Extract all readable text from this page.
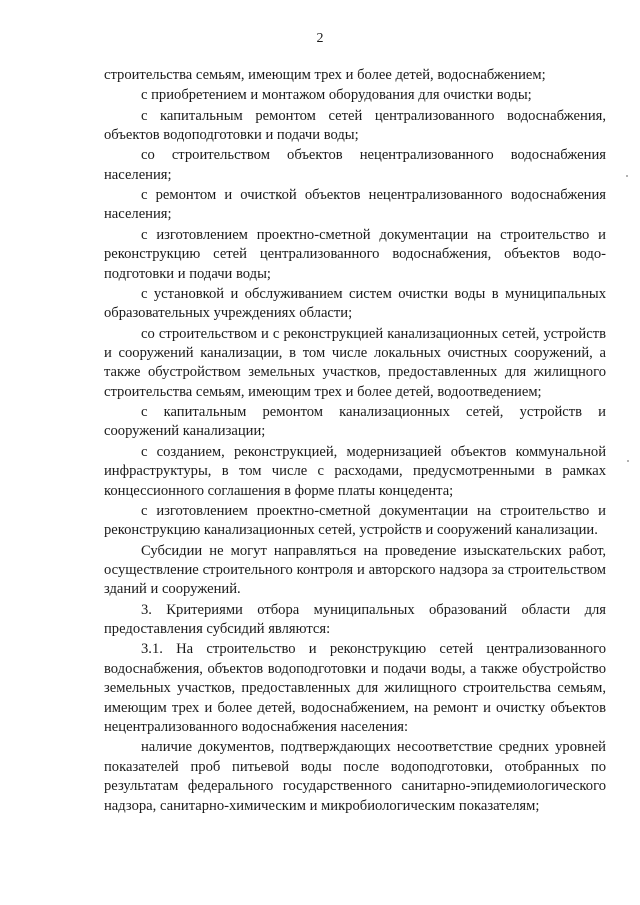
2

строительства семьям, имеющим трех и более детей, водоснабжением;

с приобретением и монтажом оборудования для очистки воды;

с капитальным ремонтом сетей централизованного водоснабжения, объектов водоподготовки и подачи воды;

со строительством объектов нецентрализованного водоснабжения населения;

с ремонтом и очисткой объектов нецентрализованного водоснабжения населения;

с изготовлением проектно-сметной документации на строительство и реконструкцию сетей централизованного водоснабжения, объектов водоподготовки и подачи воды;

с установкой и обслуживанием систем очистки воды в муниципальных образовательных учреждениях области;

со строительством и с реконструкцией канализационных сетей, устройств и сооружений канализации, в том числе локальных очистных сооружений, а также обустройством земельных участков, предоставленных для жилищного строительства семьям, имеющим трех и более детей, водоотведением;

с капитальным ремонтом канализационных сетей, устройств и сооружений канализации;

с созданием, реконструкцией, модернизацией объектов коммунальной инфраструктуры, в том числе с расходами, предусмотренными в рамках концессионного соглашения в форме платы концедента;

с изготовлением проектно-сметной документации на строительство и реконструкцию канализационных сетей, устройств и сооружений канализации.

Субсидии не могут направляться на проведение изыскательских работ, осуществление строительного контроля и авторского надзора за строительством зданий и сооружений.

3. Критериями отбора муниципальных образований области для предоставления субсидий являются:

3.1. На строительство и реконструкцию сетей централизованного водоснабжения, объектов водоподготовки и подачи воды, а также обустройство земельных участков, предоставленных для жилищного строительства семьям, имеющим трех и более детей, водоснабжением, на ремонт и очистку объектов нецентрализованного водоснабжения населения:

наличие документов, подтверждающих несоответствие средних уровней показателей проб питьевой воды после водоподготовки, отобранных по результатам федерального государственного санитарно-эпидемиологического надзора, санитарно-химическим и микробиологическим показателям;
